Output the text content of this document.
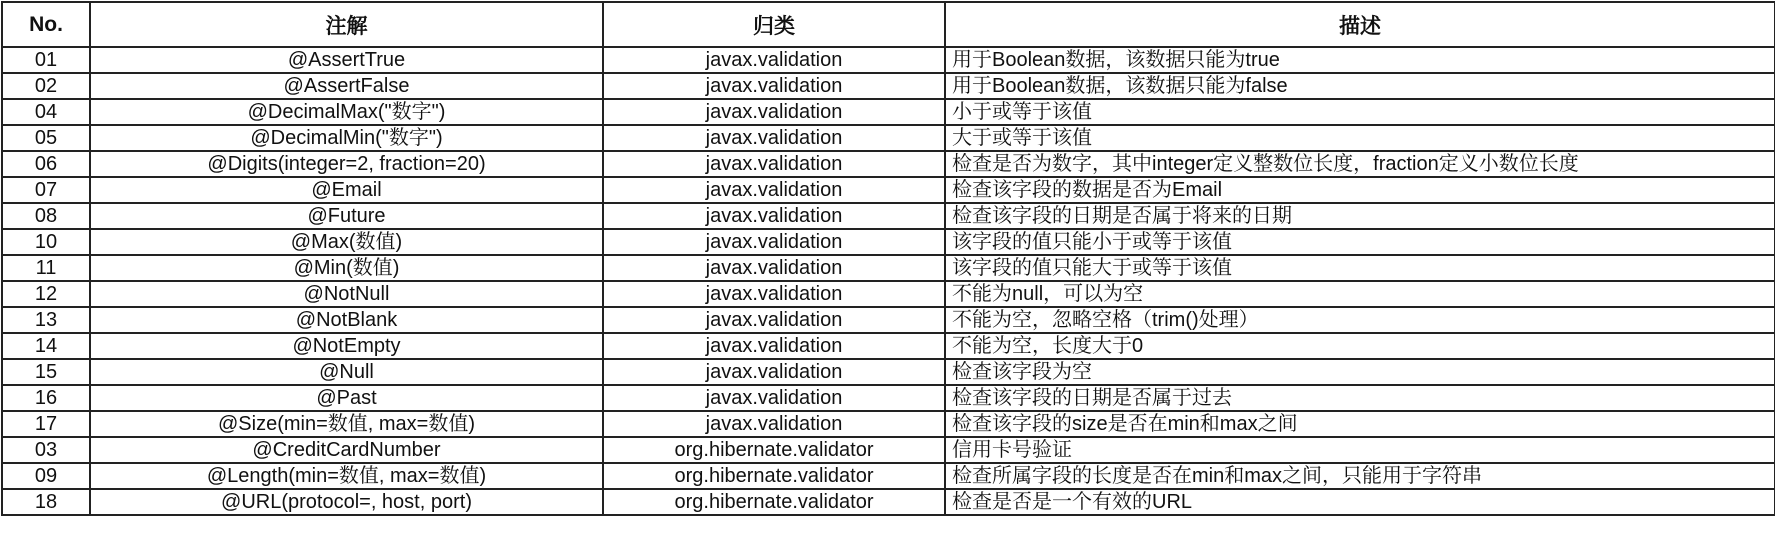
No.	注解	归类	描述
01	@AssertTrue	javax.validation	用于Boolean数据，该数据只能为true
02	@AssertFalse	javax.validation	用于Boolean数据，该数据只能为false
04	@DecimalMax("数字")	javax.validation	小于或等于该值
05	@DecimalMin("数字")	javax.validation	大于或等于该值
06	@Digits(integer=2, fraction=20)	javax.validation	检查是否为数字，其中integer定义整数位长度，fraction定义小数位长度
07	@Email	javax.validation	检查该字段的数据是否为Email
08	@Future	javax.validation	检查该字段的日期是否属于将来的日期
10	@Max(数值)	javax.validation	该字段的值只能小于或等于该值
11	@Min(数值)	javax.validation	该字段的值只能大于或等于该值
12	@NotNull	javax.validation	不能为null，可以为空
13	@NotBlank	javax.validation	不能为空，忽略空格（trim()处理）
14	@NotEmpty	javax.validation	不能为空，长度大于0
15	@Null	javax.validation	检查该字段为空
16	@Past	javax.validation	检查该字段的日期是否属于过去
17	@Size(min=数值, max=数值)	javax.validation	检查该字段的size是否在min和max之间
03	@CreditCardNumber	org.hibernate.validator	信用卡号验证
09	@Length(min=数值, max=数值)	org.hibernate.validator	检查所属字段的长度是否在min和max之间，只能用于字符串
18	@URL(protocol=, host, port)	org.hibernate.validator	检查是否是一个有效的URL
